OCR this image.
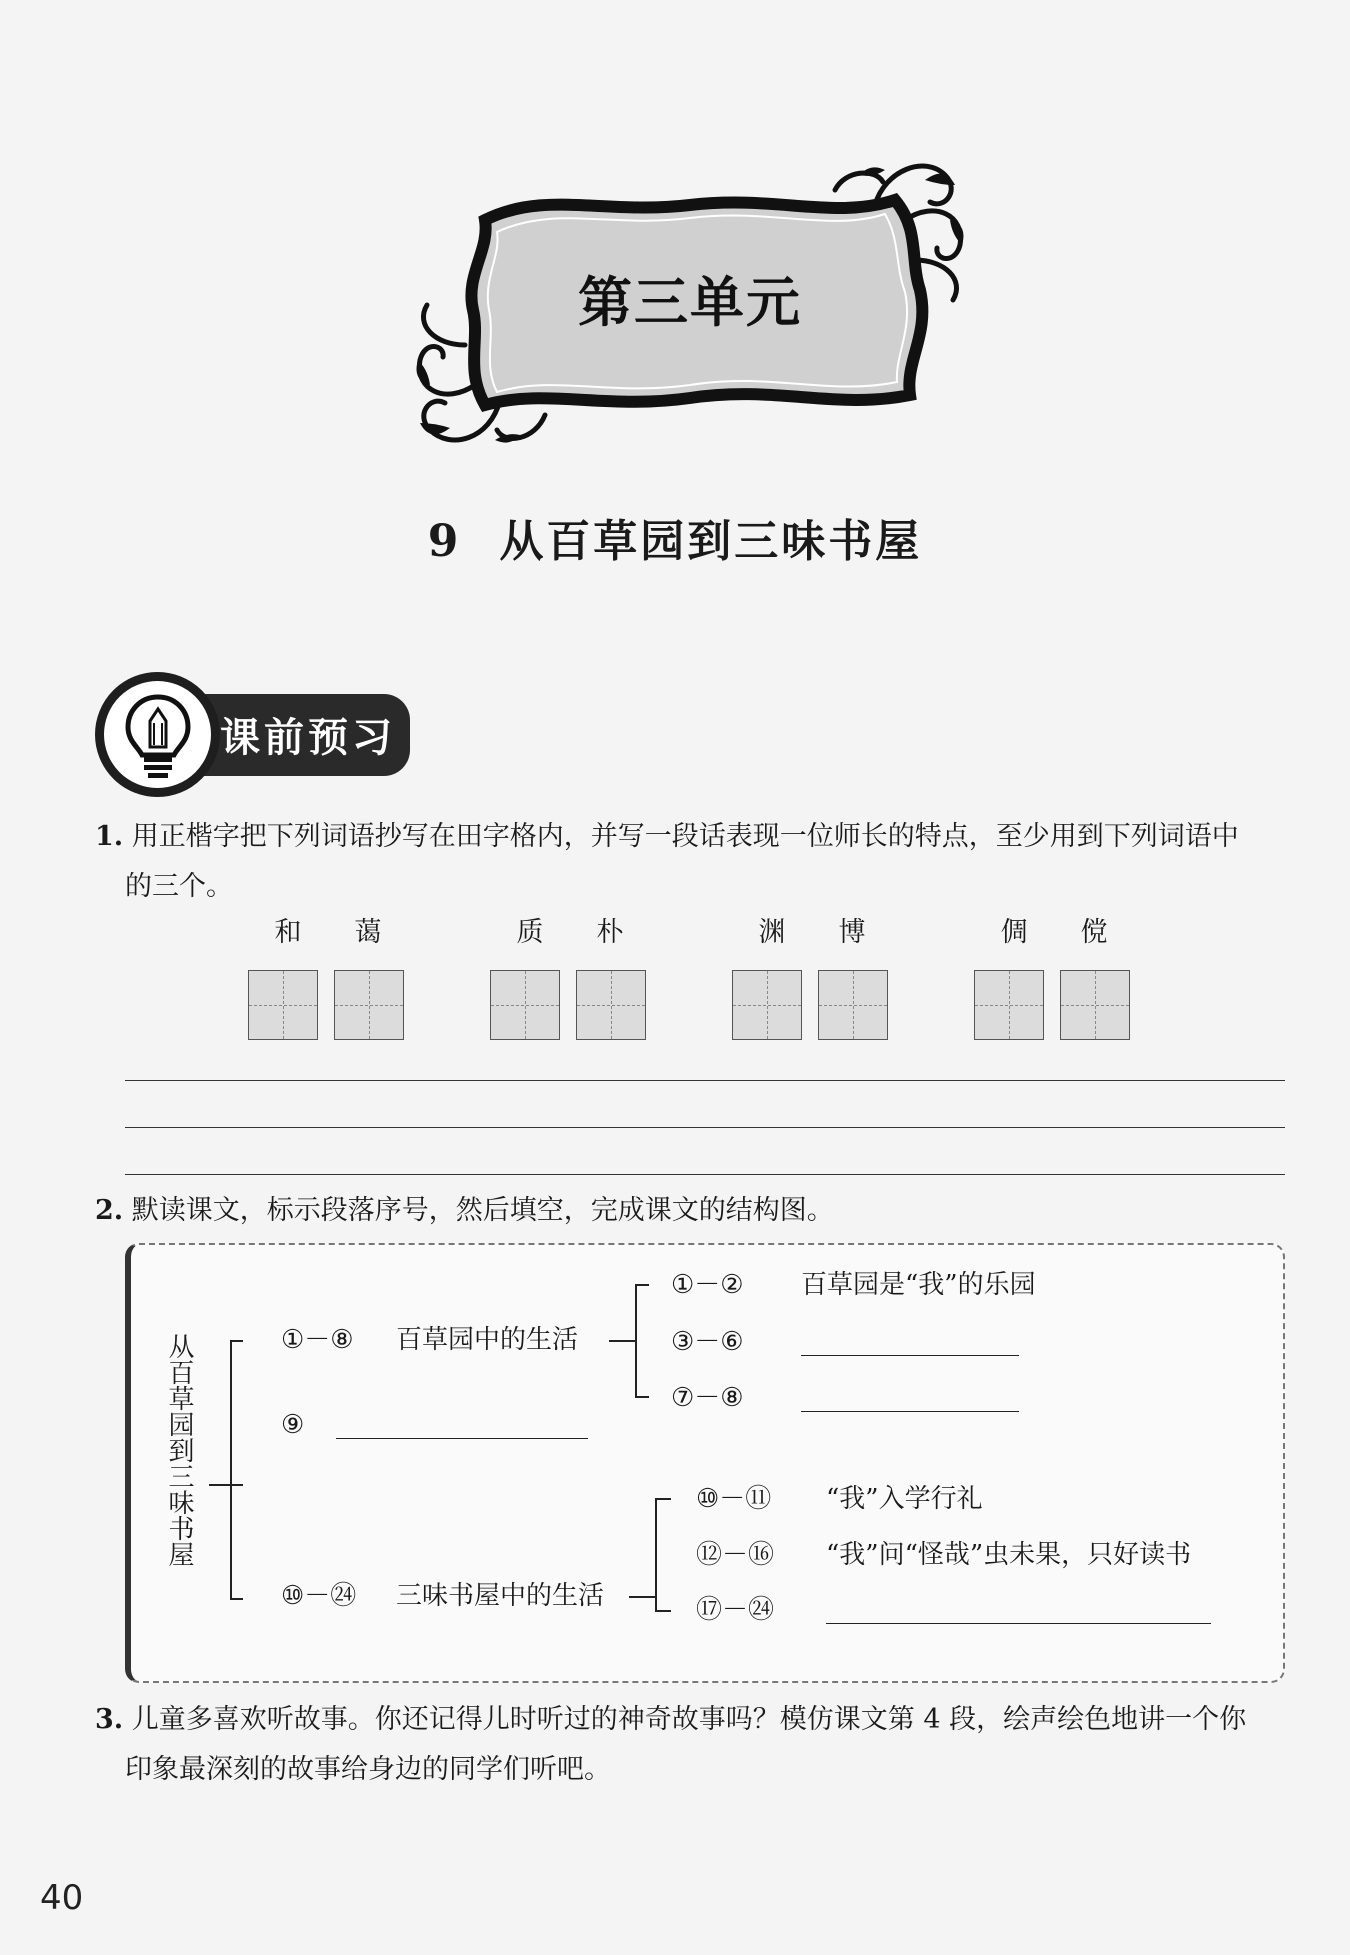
第三单元
9 从百草园到三味书屋
课前预习
1. 用正楷字把下列词语抄写在田字格内，并写一段话表现一位师长的特点，至少用到下列词语中
的三个。
和 蔼	质 朴	渊 博	倜 傥
2. 默读课文，标示段落序号，然后填空，完成课文的结构图。
从百草园到三味书屋	①－⑧ 百草园中的生活
①－② 百草园是“我”的乐园
③－⑥
⑦－⑧
⑨
⑩－㉔ 三味书屋中的生活
⑩－⑪ “我”入学行礼
⑫－⑯ “我”问“怪哉”虫未果，只好读书
⑰－㉔
3. 儿童多喜欢听故事。你还记得儿时听过的神奇故事吗？模仿课文第 4 段，绘声绘色地讲一个你
印象最深刻的故事给身边的同学们听吧。
40
